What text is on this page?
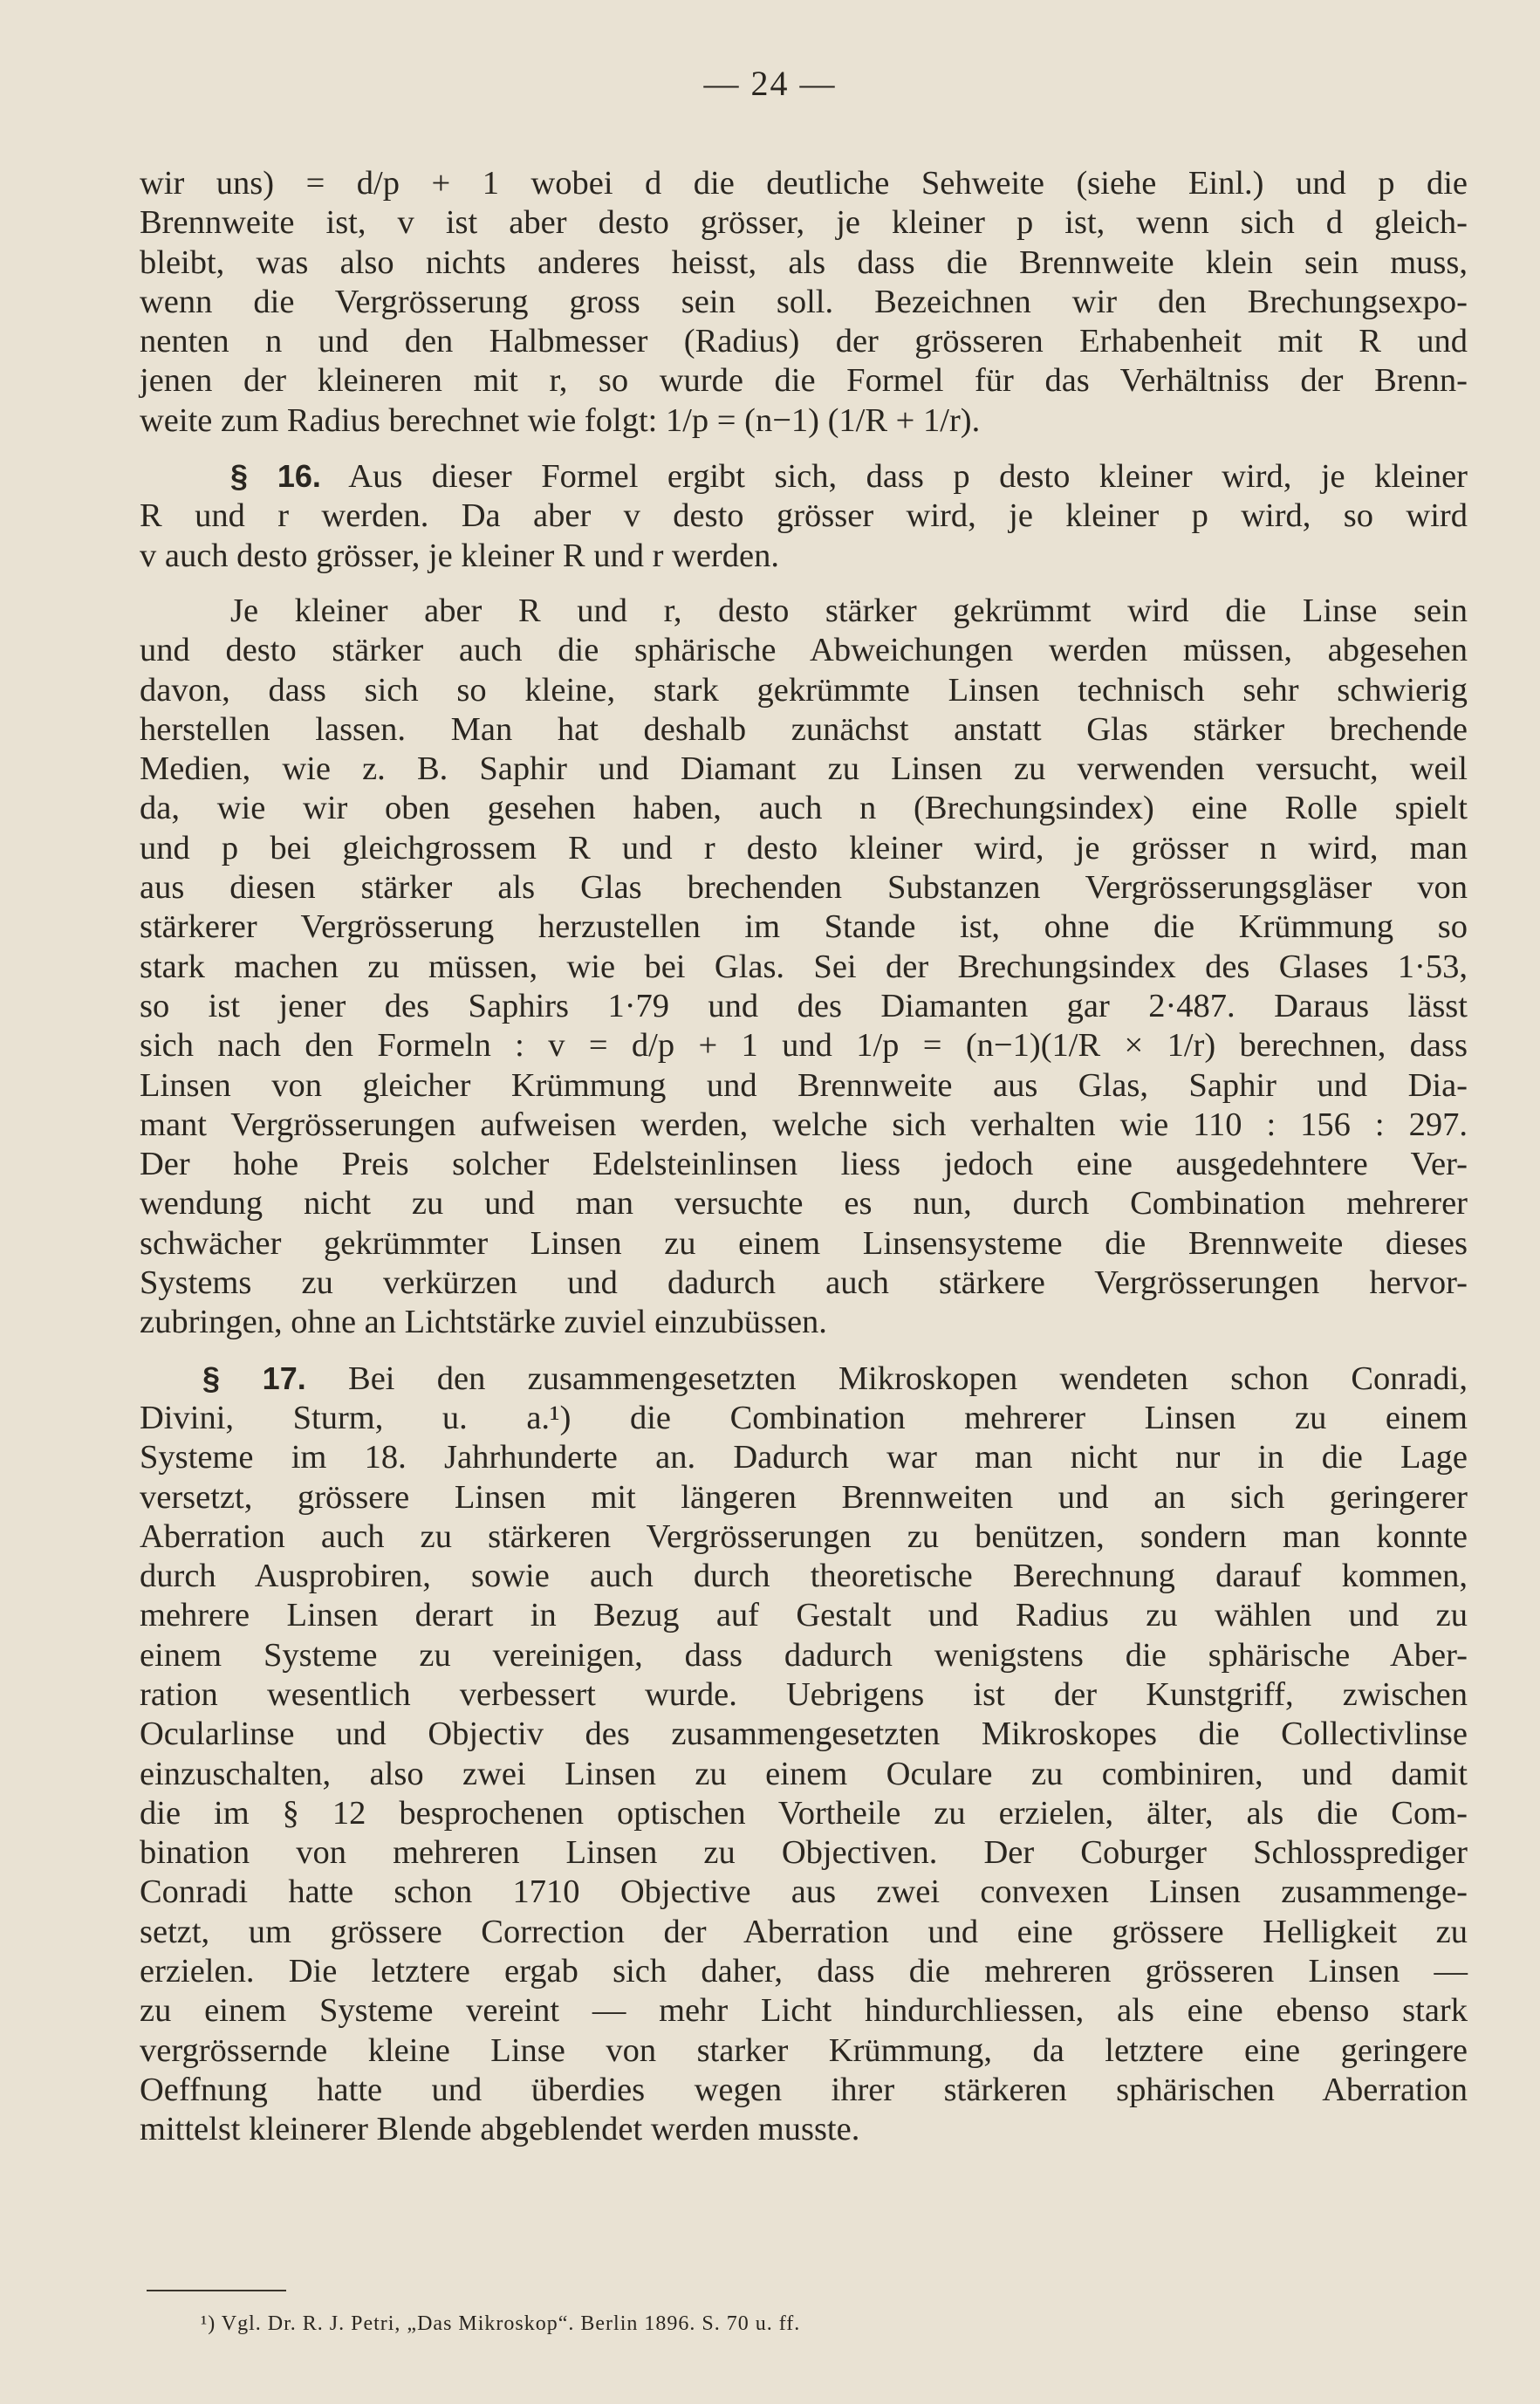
— 24 —

wir uns) = d/p + 1 wobei d die deutliche Sehweite (siehe Einl.) und p die

Brennweite ist, v ist aber desto grösser, je kleiner p ist, wenn sich d gleich-

bleibt, was also nichts anderes heisst, als dass die Brennweite klein sein muss,

wenn die Vergrösserung gross sein soll. Bezeichnen wir den Brechungsexpo-

nenten n und den Halbmesser (Radius) der grösseren Erhabenheit mit R und

jenen der kleineren mit r, so wurde die Formel für das Verhältniss der Brenn-

weite zum Radius berechnet wie folgt: 1/p = (n−1) (1/R + 1/r).

§ 16. Aus dieser Formel ergibt sich, dass p desto kleiner wird, je kleiner

R und r werden. Da aber v desto grösser wird, je kleiner p wird, so wird

v auch desto grösser, je kleiner R und r werden.

Je kleiner aber R und r, desto stärker gekrümmt wird die Linse sein

und desto stärker auch die sphärische Abweichungen werden müssen, abgesehen

davon, dass sich so kleine, stark gekrümmte Linsen technisch sehr schwierig

herstellen lassen. Man hat deshalb zunächst anstatt Glas stärker brechende

Medien, wie z. B. Saphir und Diamant zu Linsen zu verwenden versucht, weil

da, wie wir oben gesehen haben, auch n (Brechungsindex) eine Rolle spielt

und p bei gleichgrossem R und r desto kleiner wird, je grösser n wird, man

aus diesen stärker als Glas brechenden Substanzen Vergrösserungsgläser von

stärkerer Vergrösserung herzustellen im Stande ist, ohne die Krümmung so

stark machen zu müssen, wie bei Glas. Sei der Brechungsindex des Glases 1·53,

so ist jener des Saphirs 1·79 und des Diamanten gar 2·487. Daraus lässt

sich nach den Formeln : v = d/p + 1 und 1/p = (n−1)(1/R × 1/r) berechnen, dass

Linsen von gleicher Krümmung und Brennweite aus Glas, Saphir und Dia-

mant Vergrösserungen aufweisen werden, welche sich verhalten wie 110 : 156 : 297.

Der hohe Preis solcher Edelsteinlinsen liess jedoch eine ausgedehntere Ver-

wendung nicht zu und man versuchte es nun, durch Combination mehrerer

schwächer gekrümmter Linsen zu einem Linsensysteme die Brennweite dieses

Systems zu verkürzen und dadurch auch stärkere Vergrösserungen hervor-

zubringen, ohne an Lichtstärke zuviel einzubüssen.

§ 17. Bei den zusammengesetzten Mikroskopen wendeten schon Conradi,

Divini, Sturm, u. a.¹) die Combination mehrerer Linsen zu einem

Systeme im 18. Jahrhunderte an. Dadurch war man nicht nur in die Lage

versetzt, grössere Linsen mit längeren Brennweiten und an sich geringerer

Aberration auch zu stärkeren Vergrösserungen zu benützen, sondern man konnte

durch Ausprobiren, sowie auch durch theoretische Berechnung darauf kommen,

mehrere Linsen derart in Bezug auf Gestalt und Radius zu wählen und zu

einem Systeme zu vereinigen, dass dadurch wenigstens die sphärische Aber-

ration wesentlich verbessert wurde. Uebrigens ist der Kunstgriff, zwischen

Ocularlinse und Objectiv des zusammengesetzten Mikroskopes die Collectivlinse

einzuschalten, also zwei Linsen zu einem Oculare zu combiniren, und damit

die im § 12 besprochenen optischen Vortheile zu erzielen, älter, als die Com-

bination von mehreren Linsen zu Objectiven. Der Coburger Schlossprediger

Conradi hatte schon 1710 Objective aus zwei convexen Linsen zusammenge-

setzt, um grössere Correction der Aberration und eine grössere Helligkeit zu

erzielen. Die letztere ergab sich daher, dass die mehreren grösseren Linsen —

zu einem Systeme vereint — mehr Licht hindurchliessen, als eine ebenso stark

vergrössernde kleine Linse von starker Krümmung, da letztere eine geringere

Oeffnung hatte und überdies wegen ihrer stärkeren sphärischen Aberration

mittelst kleinerer Blende abgeblendet werden musste.

¹) Vgl. Dr. R. J. Petri, „Das Mikroskop“. Berlin 1896. S. 70 u. ff.
